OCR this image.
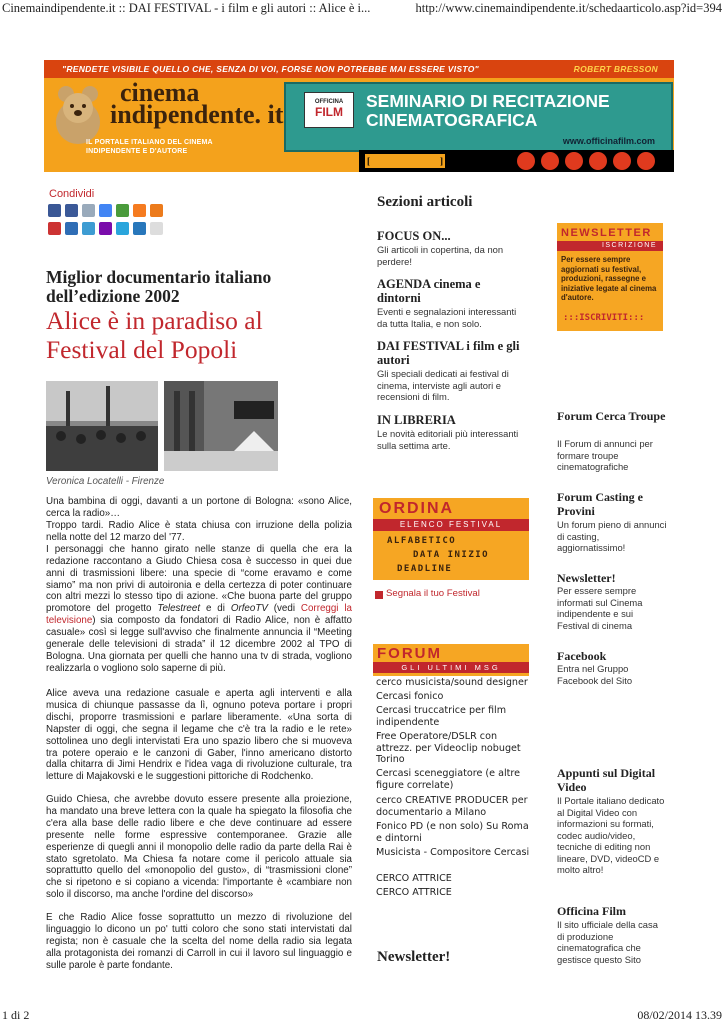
Cinemaindipendente.it :: DAI FESTIVAL - i film e gli autori :: Alice è i...	http://www.cinemaindipendente.it/schedaarticolo.asp?id=394
"RENDETE VISIBILE QUELLO CHE, SENZA DI VOI, FORSE NON POTREBBE MAI ESSERE VISTO"	ROBERT BRESSON
cinema
indipendente. it
IL PORTALE ITALIANO DEL CINEMA
INDIPENDENTE E D'AUTORE
OFFICINA
FILM
SEMINARIO DI RECITAZIONE
CINEMATOGRAFICA
www.officinafilm.com
[	]
Condividi
Miglior documentario italiano dell’edizione 2002
Alice è in paradiso al Festival del Popoli
Veronica Locatelli - Firenze

Una bambina di oggi, davanti a un portone di Bologna: «sono Alice, cerca la radio»…

Troppo tardi. Radio Alice è stata chiusa con irruzione della polizia nella notte del 12 marzo del '77.
I personaggi che hanno girato nelle stanze di quella che era la redazione raccontano a Giudo Chiesa cosa è successo in quei due anni di trasmissioni libere: una specie di “come eravamo e come siamo” ma non privi di autoironia e della certezza di poter continuare con altri mezzi lo stesso tipo di azione. «Che buona parte del gruppo promotore del progetto Telestreet e di OrfeoTV (vedi Correggi la televisione) sia composto da fondatori di Radio Alice, non è affatto casuale» così si legge sull'avviso che finalmente annuncia il “Meeting generale delle televisioni di strada” il 12 dicembre 2002 al TPO di Bologna. Una giornata per quelli che hanno una tv di strada, vogliono realizzarla o vogliono solo saperne di più.

Alice aveva una redazione casuale e aperta agli interventi e alla musica di chiunque passasse da lì, ognuno poteva portare i propri dischi, proporre trasmissioni e parlare liberamente. «Una sorta di Napster di oggi, che segna il legame che c'è tra la radio e le rete» sottolinea uno degli intervistati Era uno spazio libero che si muoveva tra potere operaio e le canzoni di Gaber, l'inno americano distorto dalla chitarra di Jimi Hendrix e l'idea vaga di rivoluzione culturale, tra letture di Majakovski e le suggestioni pittoriche di Rodchenko.

Guido Chiesa, che avrebbe dovuto essere presente alla proiezione, ha mandato una breve lettera con la quale ha spiegato la filosofia che c'era alla base delle radio libere e che deve continuare ad essere presente nelle forme espressive contemporanee. Grazie alle esperienze di quegli anni il monopolio delle radio da parte della Rai è stato sgretolato. Ma Chiesa fa notare come il pericolo attuale sia soprattutto quello del «monopolio del gusto», di “trasmissioni clone” che si ripetono e si copiano a vicenda: l'importante è «cambiare non solo il discorso, ma anche l'ordine del discorso»

E che Radio Alice fosse soprattutto un mezzo di rivoluzione del linguaggio lo dicono un po' tutti coloro che sono stati intervistati dal regista; non è casuale che la scelta del nome della radio sia legata alla protagonista dei romanzi di Carroll in cui il lavoro sul linguaggio e sulle parole è parte fondante.

Sezioni articoli
FOCUS ON...
Gli articoli in copertina, da non perdere!
AGENDA cinema e dintorni
Eventi e segnalazioni interessanti da tutta Italia, e non solo.
DAI FESTIVAL i film e gli autori
Gli speciali dedicati ai festival di cinema, interviste agli autori e recensioni di film.
IN LIBRERIA
Le novità editoriali più interessanti sulla settima arte.
ORDINA
ELENCO FESTIVAL
ALFABETICO
DATA INIZIO
DEADLINE
Segnala il tuo Festival
FORUM
GLI ULTIMI MSG
cerco musicista/sound designer
Cercasi fonico
Cercasi truccatrice per film indipendente
Free Operatore/DSLR con attrezz. per Videoclip nobuget Torino
Cercasi sceneggiatore (e altre figure correlate)
cerco CREATIVE PRODUCER per documentario a Milano
Fonico PD (e non solo) Su Roma e dintorni
Musicista - Compositore Cercasi
CERCO ATTRICE
CERCO ATTRICE
Newsletter!
NEWSLETTER
ISCRIZIONE
Per essere sempre aggiornati su festival, produzioni, rassegne e iniziative legate al cinema d'autore.
:::ISCRIVITI:::
Forum Cerca Troupe
Il Forum di annunci per formare troupe cinematografiche
Forum Casting e Provini
Un forum pieno di annunci di casting, aggiornatissimo!
Newsletter!
Per essere sempre informati sul Cinema indipendente e sui Festival di cinema
Facebook
Entra nel Gruppo Facebook del Sito
Appunti sul Digital Video
Il Portale italiano dedicato al Digital Video con informazioni su formati, codec audio/video, tecniche di editing non lineare, DVD, videoCD e molto altro!
Officina Film
Il sito ufficiale della casa di produzione cinematografica che gestisce questo Sito
1 di 2	08/02/2014 13.39
